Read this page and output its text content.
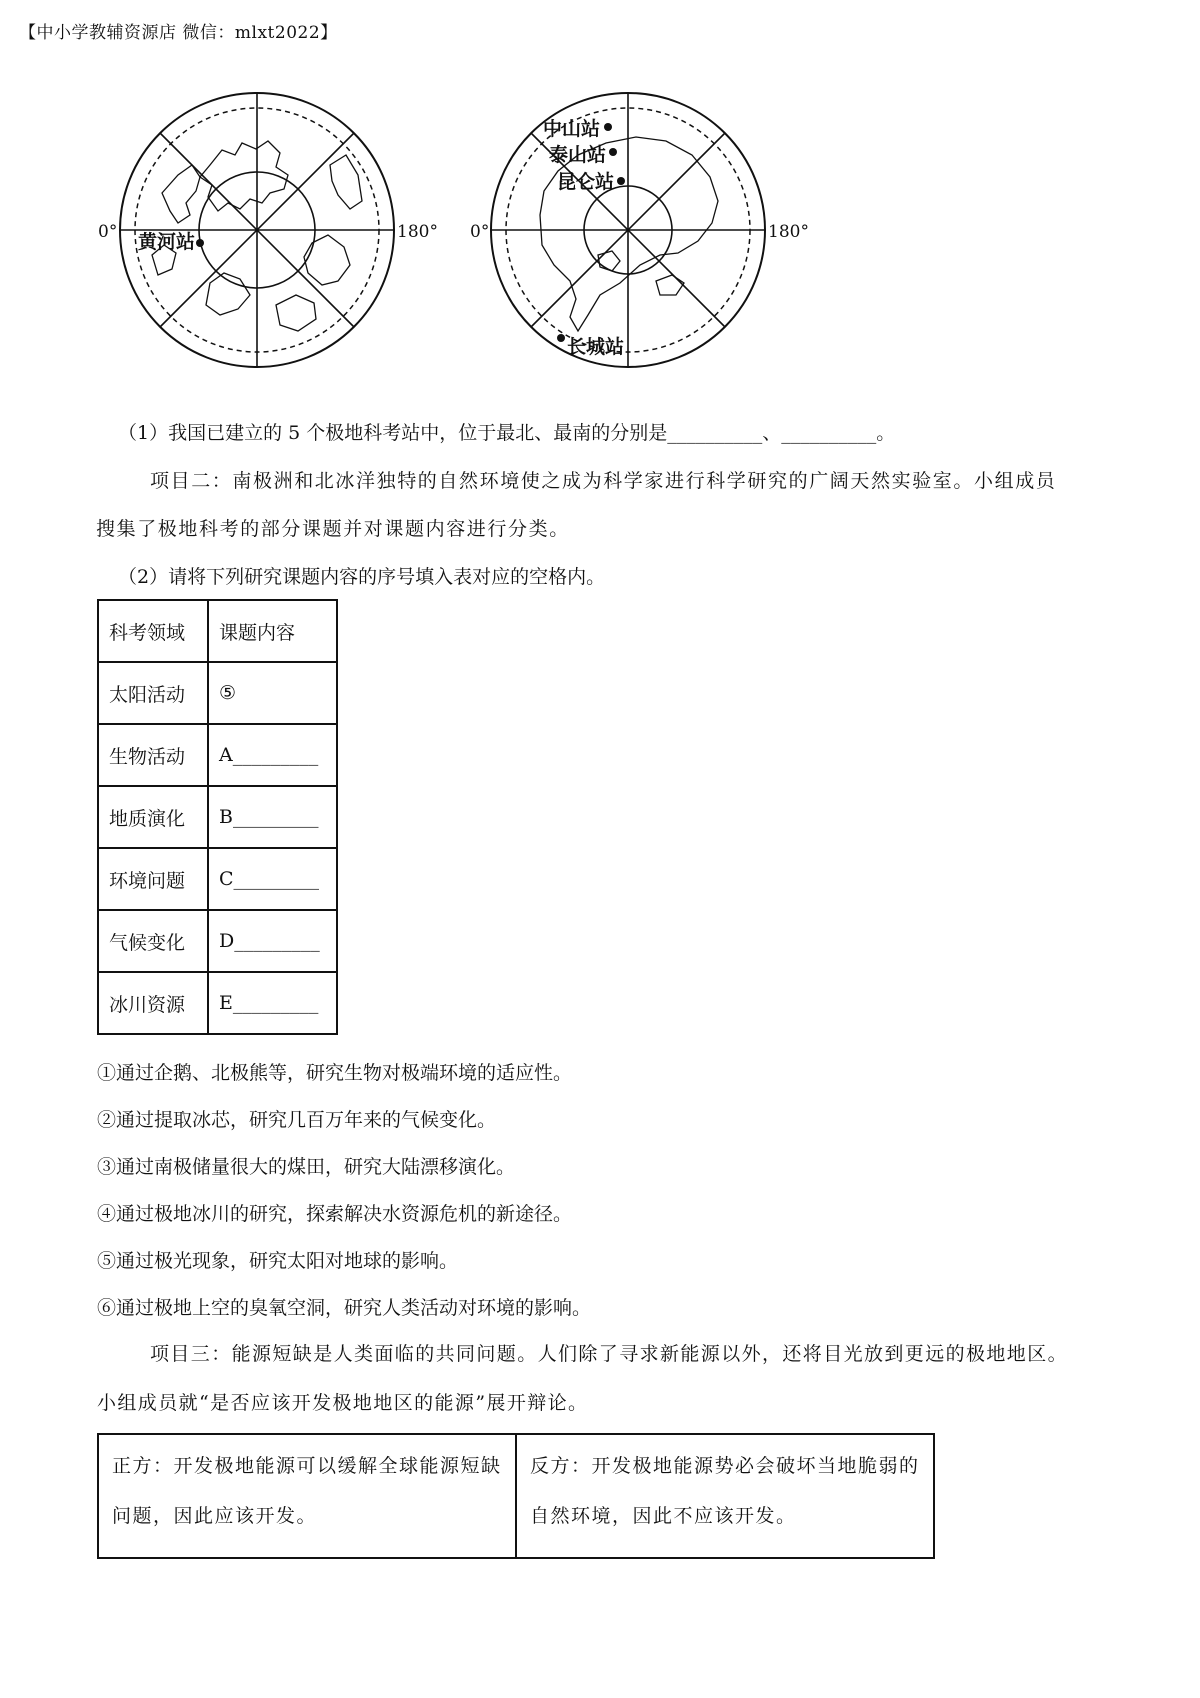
【中小学教辅资源店 微信：mlxt2022】
黄河站
0°	180°
中山站
泰山站
昆仑站
长城站
0°	180°
（1）我国已建立的 5 个极地科考站中，位于最北、最南的分别是__________、__________。
项目二：南极洲和北冰洋独特的自然环境使之成为科学家进行科学研究的广阔天然实验室。小组成员
搜集了极地科考的部分课题并对课题内容进行分类。
（2）请将下列研究课题内容的序号填入表对应的空格内。
科考领域	课题内容
太阳活动	⑤
生物活动	A_________
地质演化	B_________
环境问题	C_________
气候变化	D_________
冰川资源	E_________
①通过企鹅、北极熊等，研究生物对极端环境的适应性。
②通过提取冰芯，研究几百万年来的气候变化。
③通过南极储量很大的煤田，研究大陆漂移演化。
④通过极地冰川的研究，探索解决水资源危机的新途径。
⑤通过极光现象，研究太阳对地球的影响。
⑥通过极地上空的臭氧空洞，研究人类活动对环境的影响。
项目三：能源短缺是人类面临的共同问题。人们除了寻求新能源以外，还将目光放到更远的极地地区。
小组成员就“是否应该开发极地地区的能源”展开辩论。
正方：开发极地能源可以缓解全球能源短缺问题，因此应该开发。	反方：开发极地能源势必会破坏当地脆弱的自然环境，因此不应该开发。
